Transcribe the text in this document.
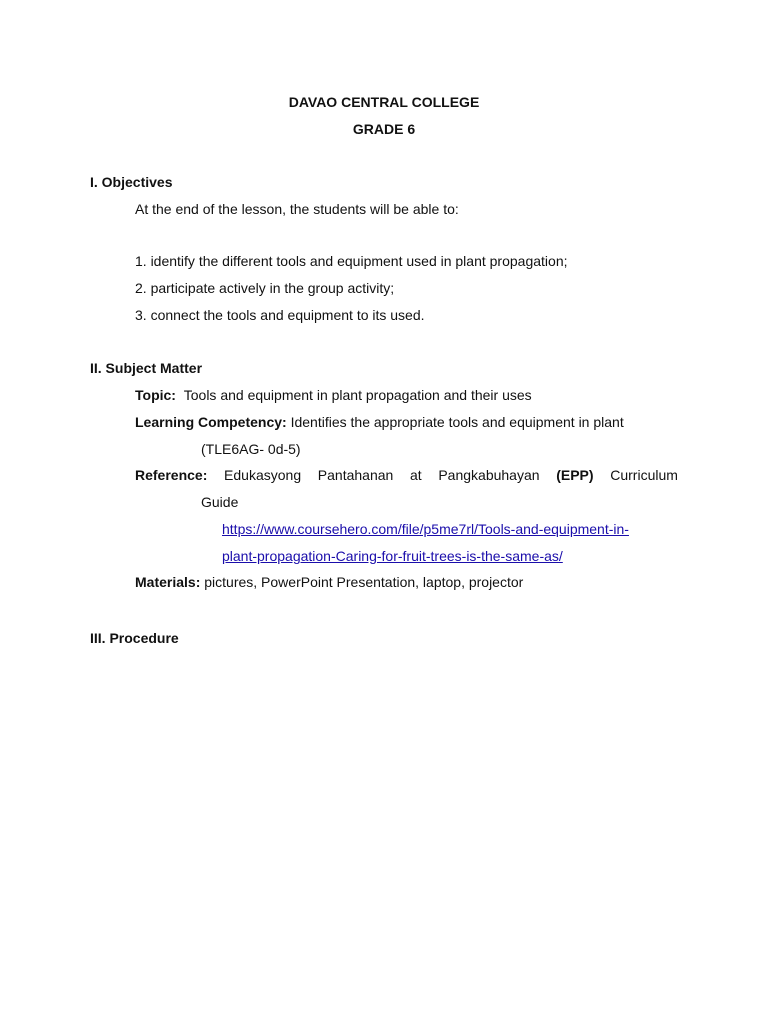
DAVAO CENTRAL COLLEGE
GRADE 6
I. Objectives
At the end of the lesson, the students will be able to:
1. identify the different tools and equipment used in plant propagation;
2. participate actively in the group activity;
3. connect the tools and equipment to its used.
II. Subject Matter
Topic: Tools and equipment in plant propagation and their uses
Learning Competency: Identifies the appropriate tools and equipment in plant
(TLE6AG- 0d-5)
Reference: Edukasyong Pantahanan at Pangkabuhayan (EPP) Curriculum
Guide
https://www.coursehero.com/file/p5me7rl/Tools-and-equipment-in-
plant-propagation-Caring-for-fruit-trees-is-the-same-as/
Materials: pictures, PowerPoint Presentation, laptop, projector
III. Procedure
